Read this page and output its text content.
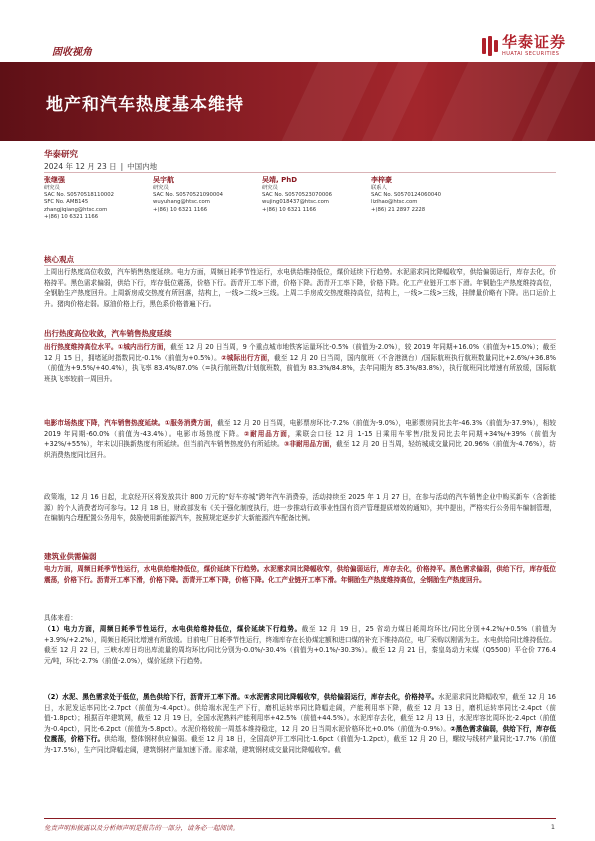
固收视角
华泰证券
HUATAI SECURITIES
地产和汽车热度基本维持
华泰研究
2024 年 12 月 23 日 | 中国内地
张继强
研究员
SAC No. S0570518110002
SFC No. AMB145
zhangjiqiang@htsc.com
+(86) 10 6321 1166
吴宇航
研究员
SAC No. S0570521090004
wuyuhang@htsc.com
+(86) 10 6321 1166
吴靖, PhD
研究员
SAC No. S0570523070006
wujing018437@htsc.com
+(86) 10 6321 1166
李梓豪
联系人
SAC No. S0570124060040
lizihao@htsc.com
+(86) 21 2897 2228
核心观点

上周出行热度高位收敛，汽车销售热度延续。电力方面，周频日耗季节性运行，水电供给维持低位，煤价延续下行趋势。水泥需求同比降幅收窄，供给偏弱运行，库存去化，价格持平。黑色需求偏弱，供给下行，库存低位震荡，价格下行。沥青开工率下滑，价格下降。沥青开工率下降，价格下降。化工产业链开工率下滑。年铜胎生产热度维持高位，全钢胎生产热度回升。上周新房成交热度有所回落，结构上，一线>二线>三线。上周二手房成交热度维持高位，结构上，一线>二线>三线，挂牌量价略有下降。出口运价上升。猪肉价格走弱。原油价格上行，黑色系价格普遍下行。

出行热度高位收敛，汽车销售热度延续

出行热度维持高位水平。①城内出行方面，截至 12 月 20 日当周，9 个重点城市地铁客运量环比-0.5%（前值为-2.0%），较 2019 年同期+16.0%（前值为+15.0%）；截至 12 月 15 日，拥堵延时指数同比-0.1%（前值为+0.5%）。②城际出行方面，截至 12 月 20 日当周，国内航班（不含港澳台）/国际航班执行航班数量同比+2.6%/+36.8%（前值为+9.5%/+40.4%），执飞率 83.4%/87.0%（=执行航班数/计划航班数，前值为 83.3%/84.8%，去年同期为 85.3%/83.8%），执行航班同比增速有所放缓，国际航班执飞率较前一周回升。

电影市场热度下降，汽车销售热度延续。①服务消费方面，截至 12 月 20 日当周，电影票房环比-7.2%（前值为-9.0%），电影票房同比去年-46.3%（前值为-37.9%），相较 2019 年同期-60.0%（前值为-43.4%）。电影市场热度下降。②耐用品方面，乘联会口径 12 月 1-15 日乘用车零售/批发同比去年同期+34%/+39%（前值为+32%/+55%），年末以旧换新热度有所延续。但当前汽车销售热度仍有所延续。③非耐用品方面，截至 12 月 20 日当周，轻纺城成交量同比 20.96%（前值为-4.76%），纺织消费热度同比回升。

政策端，12 月 16 日起，北京经开区将发放共计 800 万元的“好车亦城”跨年汽车消费券，活动持续至 2025 年 1 月 27 日，在参与活动的汽车销售企业中购买新车（含新能源）的个人消费者均可参与。12 月 18 日，财政部发布《关于强化制度执行，进一步推动行政事业性国有资产管理提质增效的通知》，其中提出，严格实行公务用车编制管理，在编制内合理配置公务用车，鼓励使用新能源汽车，按照规定逐步扩大新能源汽车配备比例。

建筑业供需偏弱

电力方面，周频日耗季节性运行，水电供给维持低位，煤价延续下行趋势。水泥需求同比降幅收窄，供给偏弱运行，库存去化，价格持平。黑色需求偏弱，供给下行，库存低位震荡，价格下行。沥青开工率下滑，价格下降。沥青开工率下降，价格下降。化工产业链开工率下滑。年铜胎生产热度维持高位，全钢胎生产热度回升。

具体来看：

（1）电力方面，周频日耗季节性运行，水电供给维持低位，煤价延续下行趋势。截至 12 月 19 日，25 省动力煤日耗周均环比/同比分别+4.2%/+0.5%（前值为+3.9%/+2.2%），周频日耗同比增速有所放缓。目前电厂日耗季节性运行，终端库存在长协煤定额和进口煤的补充下维持高位，电厂采购以刚需为主。水电供给同比维持低位。截至 12 月 22 日，三峡水库日均出库流量的周均环比/同比分别为-0.0%/-30.4%（前值为+0.1%/-30.3%）。截至 12 月 21 日，秦皇岛动力末煤（Q5500）平仓价 776.4 元/吨，环比-2.7%（前值-2.0%），煤价延续下行趋势。

（2）水泥、黑色需求处于低位，黑色供给下行，沥青开工率下滑。①水泥需求同比降幅收窄，供给偏弱运行，库存去化，价格持平。水泥需求同比降幅收窄，截至 12 月 16 日，水泥发运率同比-2.7pct（前值为-4.4pct）。供给端水泥生产下行，磨机运转率同比降幅走阔，产能利用率下降，截至 12 月 13 日，磨机运转率同比-2.4pct（前值-1.8pct）；根据百年建筑网，截至 12 月 19 日，全国水泥熟料产能利用率+42.5%（前值+44.5%）。水泥库存去化，截至 12 月 13 日，水泥库容比周环比-2.4pct（前值为-0.4pct），同比-6.2pct（前值为-5.8pct）。水泥价格较前一周基本维持稳定，12 月 20 日当周水泥价格环比+0.0%（前值为-0.9%）。②黑色需求偏弱，供给下行，库存低位震荡，价格下行。供给端，整体钢材供应偏弱。截至 12 月 18 日，全国高炉开工率同比-1.6pct（前值为-1.2pct），截至 12 月 20 日，螺纹与线材产量同比-17.7%（前值为-17.5%），生产同比降幅走阔，建筑钢材产量加速下滑。需求端，建筑钢材成交量同比降幅收窄。截

免责声明和披露以及分析师声明是报告的一部分，请务必一起阅读。	1
